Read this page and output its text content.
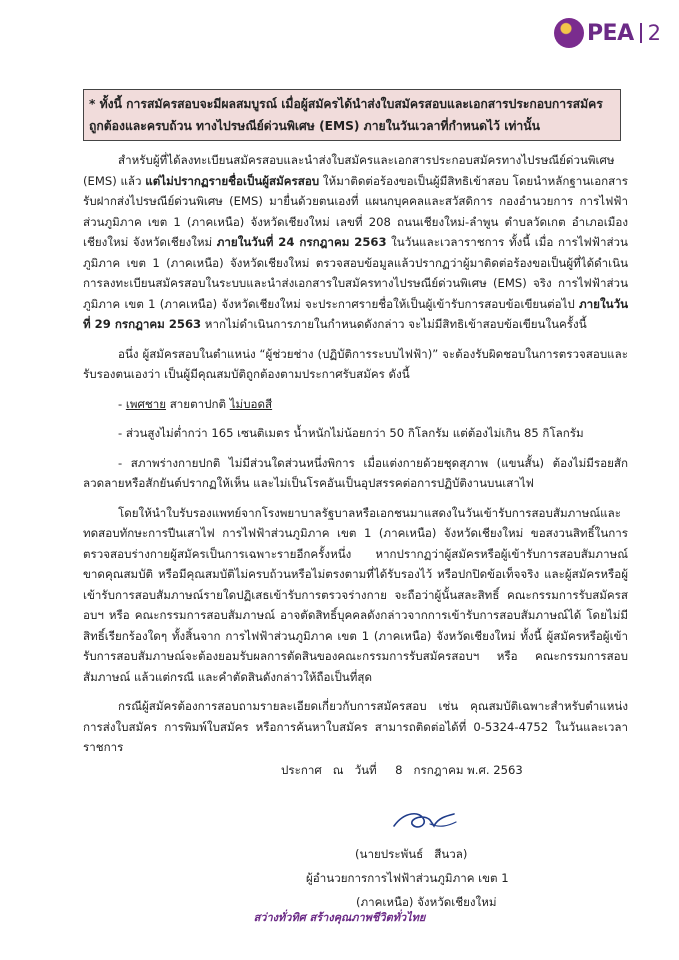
PEA 2
* ทั้งนี้ การสมัครสอบจะมีผลสมบูรณ์ เมื่อผู้สมัครได้นำส่งใบสมัครสอบและเอกสารประกอบการสมัคร ถูกต้องและครบถ้วน ทางไปรษณีย์ด่วนพิเศษ (EMS) ภายในวันเวลาที่กำหนดไว้ เท่านั้น

สำหรับผู้ที่ได้ลงทะเบียนสมัครสอบและนำส่งใบสมัครและเอกสารประกอบสมัครทางไปรษณีย์ด่วนพิเศษ (EMS) แล้ว แต่ไม่ปรากฏรายชื่อเป็นผู้สมัครสอบ ให้มาติดต่อร้องขอเป็นผู้มีสิทธิเข้าสอบ โดยนำหลักฐานเอกสารรับฝากส่งไปรษณีย์ด่วนพิเศษ (EMS) มายื่นด้วยตนเองที่ แผนกบุคคลและสวัสดิการ กองอำนวยการ การไฟฟ้าส่วนภูมิภาค เขต 1 (ภาคเหนือ) จังหวัดเชียงใหม่ เลขที่ 208 ถนนเชียงใหม่-ลำพูน ตำบลวัดเกต อำเภอเมืองเชียงใหม่ จังหวัดเชียงใหม่ ภายในวันที่ 24 กรกฎาคม 2563 ในวันและเวลาราชการ ทั้งนี้ เมื่อ การไฟฟ้าส่วนภูมิภาค เขต 1 (ภาคเหนือ) จังหวัดเชียงใหม่ ตรวจสอบข้อมูลแล้วปรากฏว่าผู้มาติดต่อร้องขอเป็นผู้ที่ได้ดำเนินการลงทะเบียนสมัครสอบในระบบและนำส่งเอกสารใบสมัครทางไปรษณีย์ด่วนพิเศษ (EMS) จริง การไฟฟ้าส่วนภูมิภาค เขต 1 (ภาคเหนือ) จังหวัดเชียงใหม่ จะประกาศรายชื่อให้เป็นผู้เข้ารับการสอบข้อเขียนต่อไป ภายในวันที่ 29 กรกฎาคม 2563 หากไม่ดำเนินการภายในกำหนดดังกล่าว จะไม่มีสิทธิเข้าสอบข้อเขียนในครั้งนี้

อนึ่ง ผู้สมัครสอบในตำแหน่ง “ผู้ช่วยช่าง (ปฏิบัติการระบบไฟฟ้า)” จะต้องรับผิดชอบในการตรวจสอบและรับรองตนเองว่า เป็นผู้มีคุณสมบัติถูกต้องตามประกาศรับสมัคร ดังนี้

- เพศชาย สายตาปกติ ไม่บอดสี

- ส่วนสูงไม่ต่ำกว่า 165 เซนติเมตร น้ำหนักไม่น้อยกว่า 50 กิโลกรัม แต่ต้องไม่เกิน 85 กิโลกรัม

- สภาพร่างกายปกติ ไม่มีส่วนใดส่วนหนึ่งพิการ เมื่อแต่งกายด้วยชุดสุภาพ (แขนสั้น) ต้องไม่มีรอยสักลวดลายหรือสักยันต์ปรากฏให้เห็น และไม่เป็นโรคอันเป็นอุปสรรคต่อการปฏิบัติงานบนเสาไฟ

โดยให้นำใบรับรองแพทย์จากโรงพยาบาลรัฐบาลหรือเอกชนมาแสดงในวันเข้ารับการสอบสัมภาษณ์และทดสอบทักษะการปีนเสาไฟ การไฟฟ้าส่วนภูมิภาค เขต 1 (ภาคเหนือ) จังหวัดเชียงใหม่ ขอสงวนสิทธิ์ในการตรวจสอบร่างกายผู้สมัครเป็นการเฉพาะรายอีกครั้งหนึ่ง หากปรากฏว่าผู้สมัครหรือผู้เข้ารับการสอบสัมภาษณ์ขาดคุณสมบัติ หรือมีคุณสมบัติไม่ครบถ้วนหรือไม่ตรงตามที่ได้รับรองไว้ หรือปกปิดข้อเท็จจริง และผู้สมัครหรือผู้เข้ารับการสอบสัมภาษณ์รายใดปฏิเสธเข้ารับการตรวจร่างกาย จะถือว่าผู้นั้นสละสิทธิ์ คณะกรรมการรับสมัครสอบฯ หรือ คณะกรรมการสอบสัมภาษณ์ อาจตัดสิทธิ์บุคคลดังกล่าวจากการเข้ารับการสอบสัมภาษณ์ได้ โดยไม่มีสิทธิ์เรียกร้องใดๆ ทั้งสิ้นจาก การไฟฟ้าส่วนภูมิภาค เขต 1 (ภาคเหนือ) จังหวัดเชียงใหม่ ทั้งนี้ ผู้สมัครหรือผู้เข้ารับการสอบสัมภาษณ์จะต้องยอมรับผลการตัดสินของคณะกรรมการรับสมัครสอบฯ หรือ คณะกรรมการสอบสัมภาษณ์ แล้วแต่กรณี และคำตัดสินดังกล่าวให้ถือเป็นที่สุด

กรณีผู้สมัครต้องการสอบถามรายละเอียดเกี่ยวกับการสมัครสอบ เช่น คุณสมบัติเฉพาะสำหรับตำแหน่ง การส่งใบสมัคร การพิมพ์ใบสมัคร หรือการค้นหาใบสมัคร สามารถติดต่อได้ที่ 0-5324-4752 ในวันและเวลาราชการ

ประกาศ   ณ   วันที่     8   กรกฎาคม พ.ศ. 2563
(นายประพันธ์   สีนวล)
ผู้อำนวยการการไฟฟ้าส่วนภูมิภาค เขต 1
(ภาคเหนือ) จังหวัดเชียงใหม่
สว่างทั่วทิศ สร้างคุณภาพชีวิตทั่วไทย
